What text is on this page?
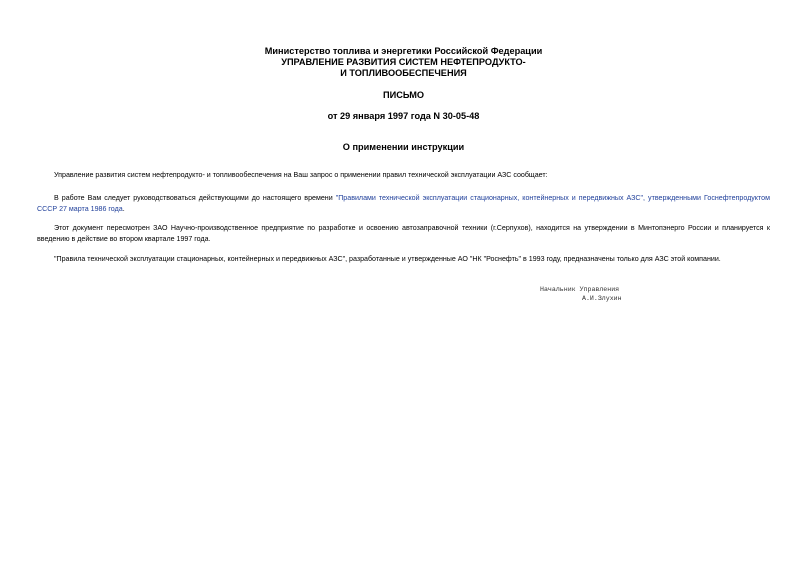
Министерство топлива и энергетики Российской Федерации
УПРАВЛЕНИЕ РАЗВИТИЯ СИСТЕМ НЕФТЕПРОДУКТО-
И ТОПЛИВООБЕСПЕЧЕНИЯ
ПИСЬМО
от 29 января 1997 года N 30-05-48
О применении инструкции
Управление развития систем нефтепродукто- и топливообеспечения на Ваш запрос о применении правил технической эксплуатации АЗС сообщает:
В работе Вам следует руководствоваться действующими до настоящего времени "Правилами технической эксплуатации стационарных, контейнерных и передвижных АЗС", утвержденными Госнефтепродуктом СССР 27 марта 1986 года.
Этот документ пересмотрен ЗАО Научно-производственное предприятие по разработке и освоению автозаправочной техники (г.Серпухов), находится на утверждении в Минтопэнерго России и планируется к введению в действие во втором квартале 1997 года.
"Правила технической эксплуатации стационарных, контейнерных и передвижных АЗС", разработанные и утвержденные АО "НК "Роснефть" в 1993 году, предназначены только для АЗС этой компании.
Начальник Управления
А.И.Злухин
